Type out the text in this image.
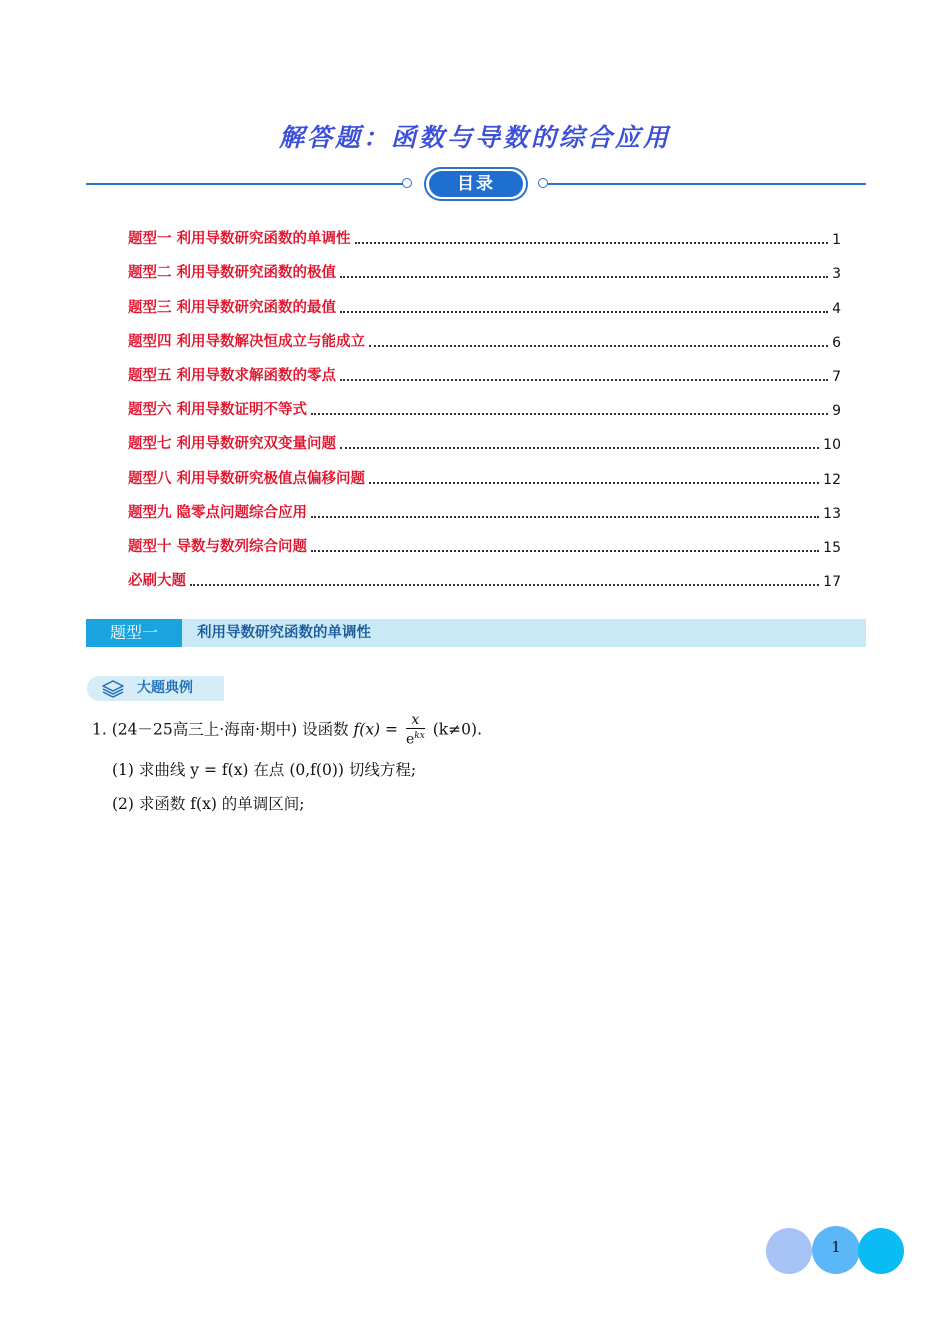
解答题：函数与导数的综合应用
目录
题型一 利用导数研究函数的单调性	1
题型二 利用导数研究函数的极值	3
题型三 利用导数研究函数的最值	4
题型四 利用导数解决恒成立与能成立	6
题型五 利用导数求解函数的零点	7
题型六 利用导数证明不等式	9
题型七 利用导数研究双变量问题	10
题型八 利用导数研究极值点偏移问题	12
题型九 隐零点问题综合应用	13
题型十 导数与数列综合问题	15
必刷大题	17
题型一	利用导数研究函数的单调性
大题典例
1. (24－25高三上·海南·期中) 设函数 $f(x) = \frac{x}{e^{kx}} (k\ne 0)$.
(1) 求曲线 y = f(x) 在点 (0,f(0)) 切线方程;
(2) 求函数 f(x) 的单调区间;
1
